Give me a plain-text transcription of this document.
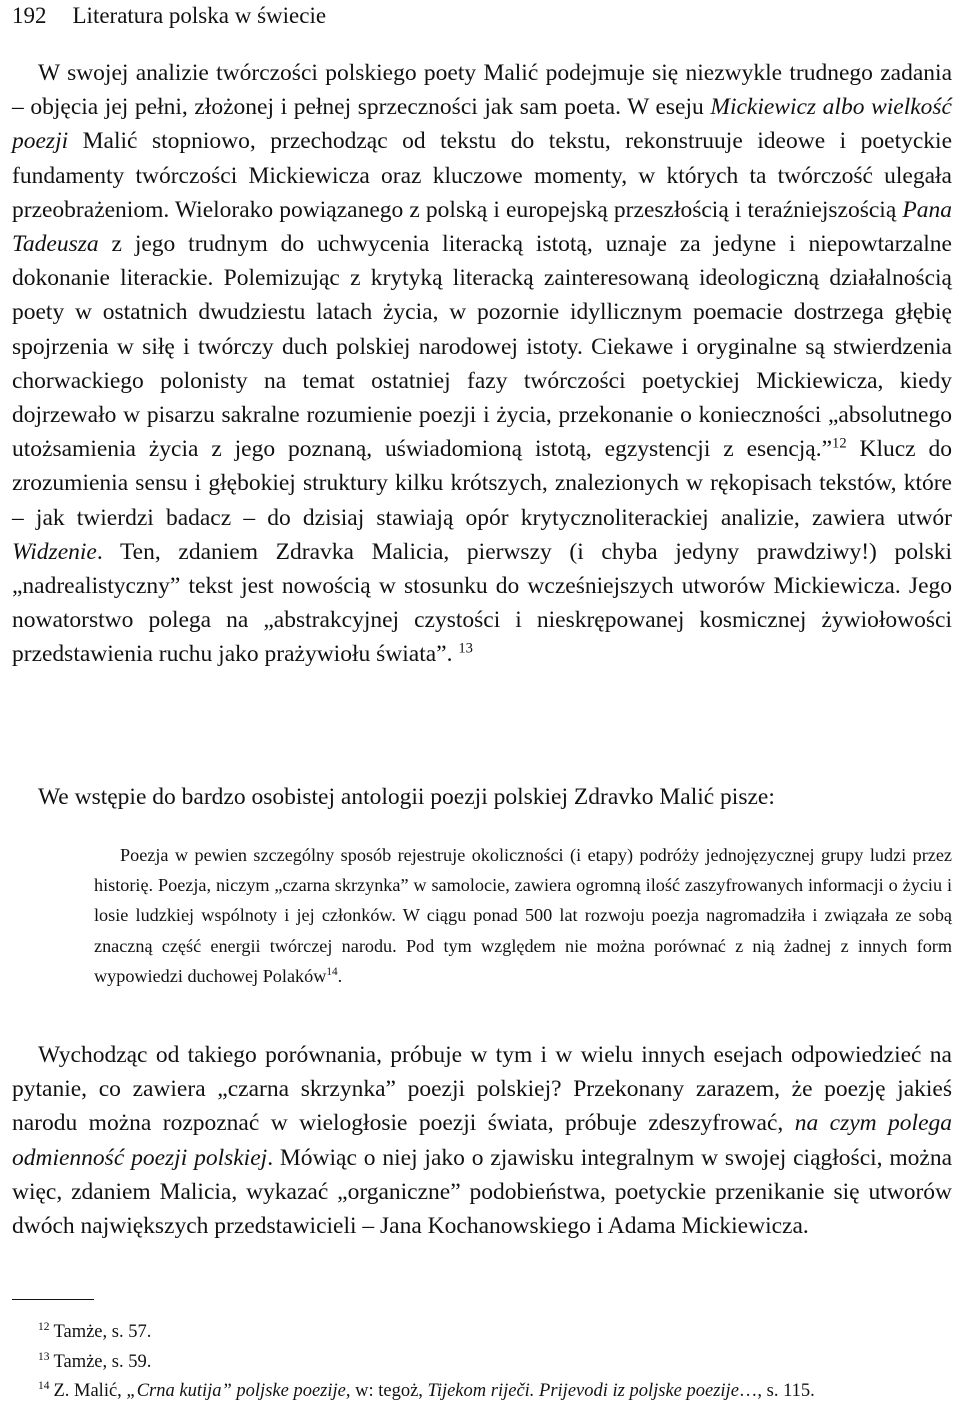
192 Literatura polska w świecie

W swojej analizie twórczości polskiego poety Malić podejmuje się niezwykle trudnego zadania – objęcia jej pełni, złożonej i pełnej sprzeczności jak sam poeta. W eseju Mickiewicz albo wielkość poezji Malić stopniowo, przechodząc od tekstu do tekstu, rekonstruuje ideowe i poetyckie fundamenty twórczości Mickiewicza oraz kluczowe momenty, w których ta twórczość ulegała przeobrażeniom. Wielorako powiązanego z polską i europejską przeszłością i teraźniejszością Pana Tadeusza z jego trudnym do uchwycenia literacką istotą, uznaje za jedyne i niepowtarzalne dokonanie literackie. Polemizując z krytyką literacką zainteresowaną ideologiczną działalnością poety w ostatnich dwudziestu latach życia, w pozornie idyllicznym poemacie dostrzega głębię spojrzenia w siłę i twórczy duch polskiej narodowej istoty. Ciekawe i oryginalne są stwierdzenia chorwackiego polonisty na temat ostatniej fazy twórczości poetyckiej Mickiewicza, kiedy dojrzewało w pisarzu sakralne rozumienie poezji i życia, przekonanie o konieczności „absolutnego utożsamienia życia z jego poznaną, uświadomioną istotą, egzystencji z esencją.”$^{12}$ Klucz do zrozumienia sensu i głębokiej struktury kilku krótszych, znalezionych w rękopisach tekstów, które – jak twierdzi badacz – do dzisiaj stawiają opór krytycznoliterackiej analizie, zawiera utwór Widzenie. Ten, zdaniem Zdravka Malicia, pierwszy (i chyba jedyny prawdziwy!) polski „nadrealistyczny” tekst jest nowością w stosunku do wcześniejszych utworów Mickiewicza. Jego nowatorstwo polega na „abstrakcyjnej czystości i nieskrępowanej kosmicznej żywiołowości przedstawienia ruchu jako prażywiołu świata”. $^{13}$

We wstępie do bardzo osobistej antologii poezji polskiej Zdravko Malić pisze:

Poezja w pewien szczególny sposób rejestruje okoliczności (i etapy) podróży jednojęzycznej grupy ludzi przez historię. Poezja, niczym „czarna skrzynka” w samolocie, zawiera ogromną ilość zaszyfrowanych informacji o życiu i losie ludzkiej wspólnoty i jej członków. W ciągu ponad 500 lat rozwoju poezja nagromadziła i związała ze sobą znaczną część energii twórczej narodu. Pod tym względem nie można porównać z nią żadnej z innych form wypowiedzi duchowej Polaków$^{14}$.

Wychodząc od takiego porównania, próbuje w tym i w wielu innych esejach odpowiedzieć na pytanie, co zawiera „czarna skrzynka” poezji polskiej? Przekonany zarazem, że poezję jakieś narodu można rozpoznać w wielogłosie poezji świata, próbuje zdeszyfrować, na czym polega odmienność poezji polskiej. Mówiąc o niej jako o zjawisku integralnym w swojej ciągłości, można więc, zdaniem Malicia, wykazać „organiczne” podobieństwa, poetyckie przenikanie się utworów dwóch największych przedstawicieli – Jana Kochanowskiego i Adama Mickiewicza.

$^{12}$ Tamże, s. 57.

$^{13}$ Tamże, s. 59.

$^{14}$ Z. Malić, „Crna kutija” poljske poezije, w: tegoż, Tijekom riječi. Prijevodi iz poljske poezije…, s. 115.
